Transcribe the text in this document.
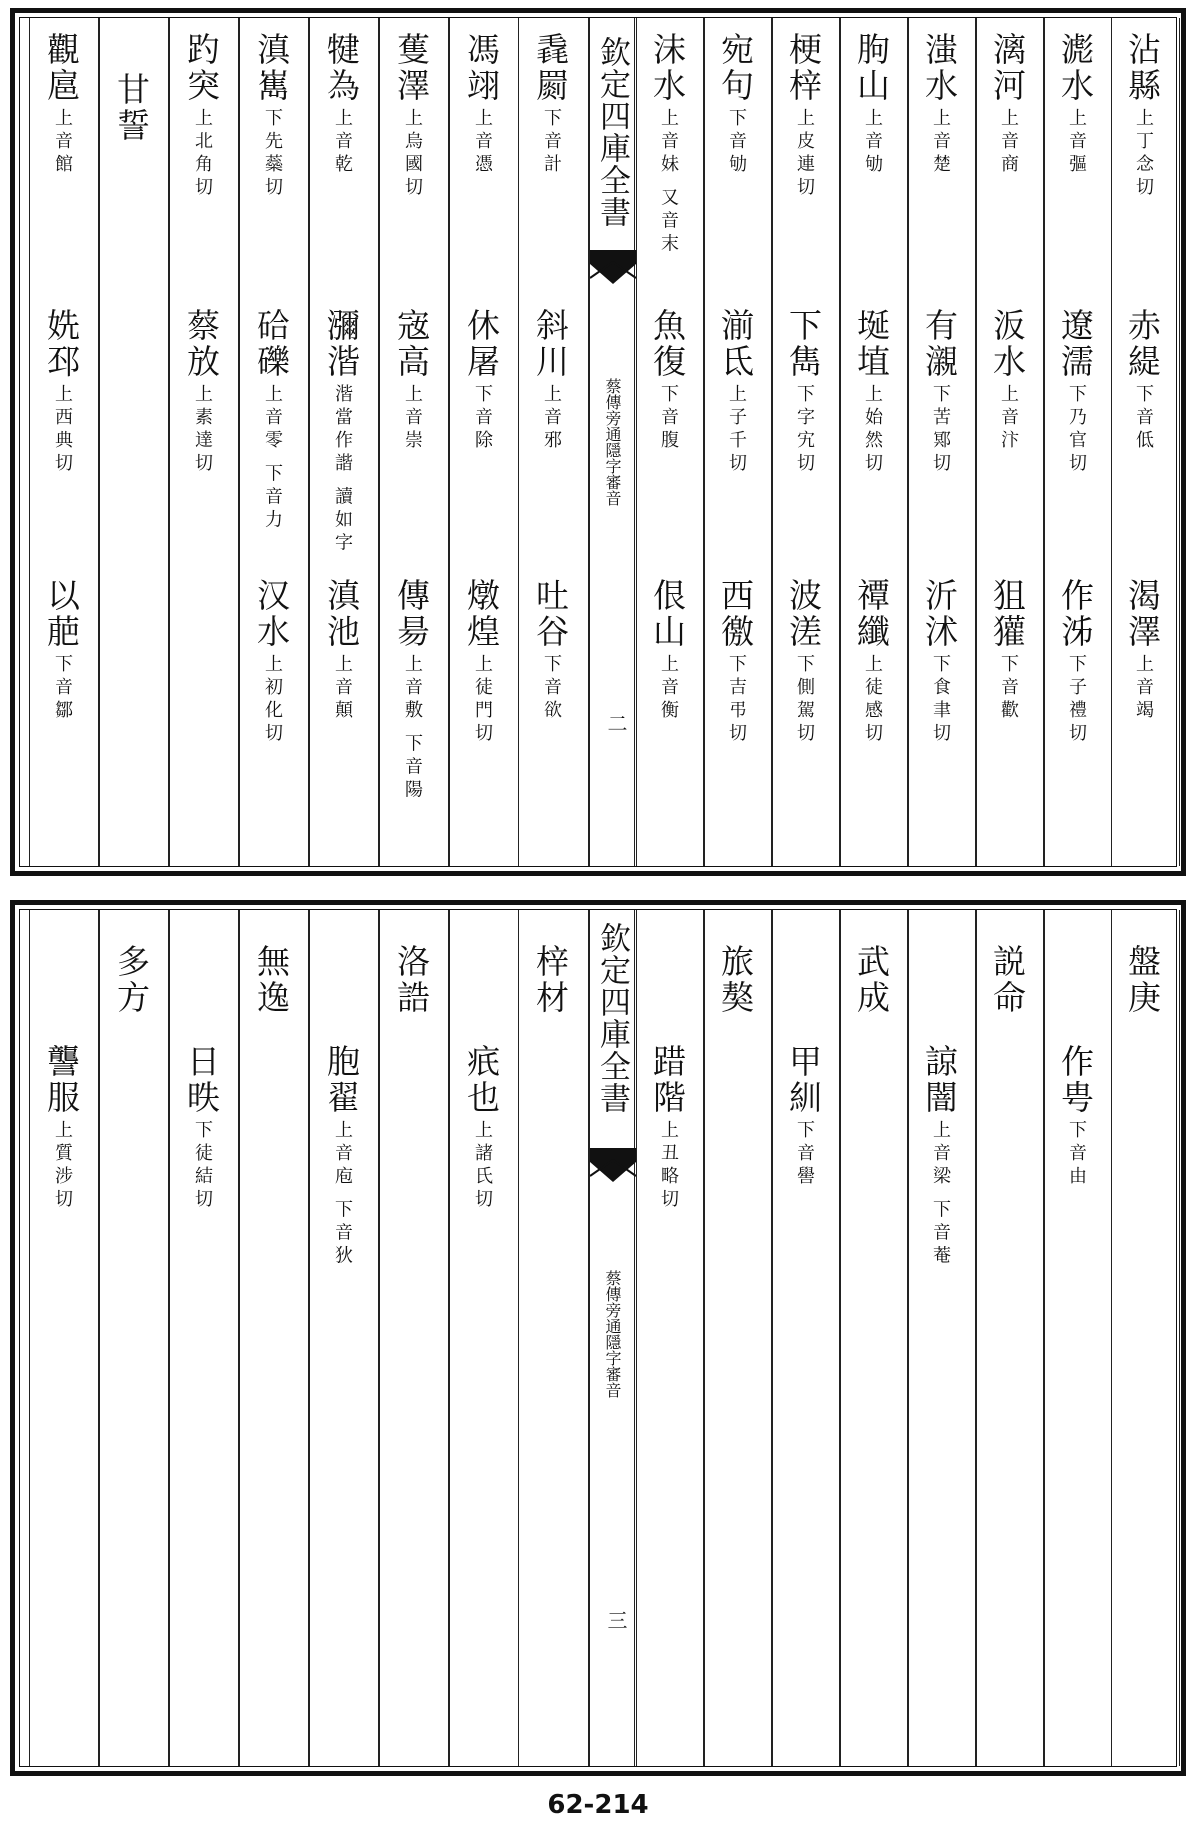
沾縣
上丁念切
赤緹
下音低
渴澤
上音竭
滮水
上音彄
遼濡
下乃官切
作泲
下子禮切
漓河
上音商
汳水
上音汴
狙獾
下音歡
滍水
上音楚
有瀙
下苦鄍切
沂沭
下食聿切
朐山
上音劬
埏埴
上始然切
禫纖
上徒感切
梗梓
上皮連切
下雋
下字宄切
波溠
下側駕切
宛句
下音劬
湔氐
上子千切
西徼
下吉弔切
沫水
上音妹 又音末
魚復
下音腹
佷山
上音衡
欽定四庫全書
蔡傳旁通隱字審音
二
毳罽
下音計
斜川
上音邪
吐谷
下音欲
馮翊
上音憑
休屠
下音除
燉煌
上徒門切
蒦澤
上烏國切
宼高
上音崇
傳昜
上音敷 下音陽
犍為
上音乾
瀰湝
湝當作諧 讀如字
滇池
上音顛
滇嶲
下先蘂切
硆礫
上音零 下音力
汉水
上初化切
趵突
上北角切
蔡放
上素達切
甘誓
觀扈
上音館
姺邳
上西典切
以萉
下音鄒
盤庚
作甹
下音由
説命
諒闇
上音梁 下音菴
武成
甲紃
下音嚳
旅獒
踖階
上丑略切
欽定四庫全書
蔡傳旁通隱字審音
三
梓材
疧也
上諸氏切
洛誥
胞翟
上音庖 下音狄
無逸
日昳
下徒結切
多方
讋服
上質涉切
62-214
